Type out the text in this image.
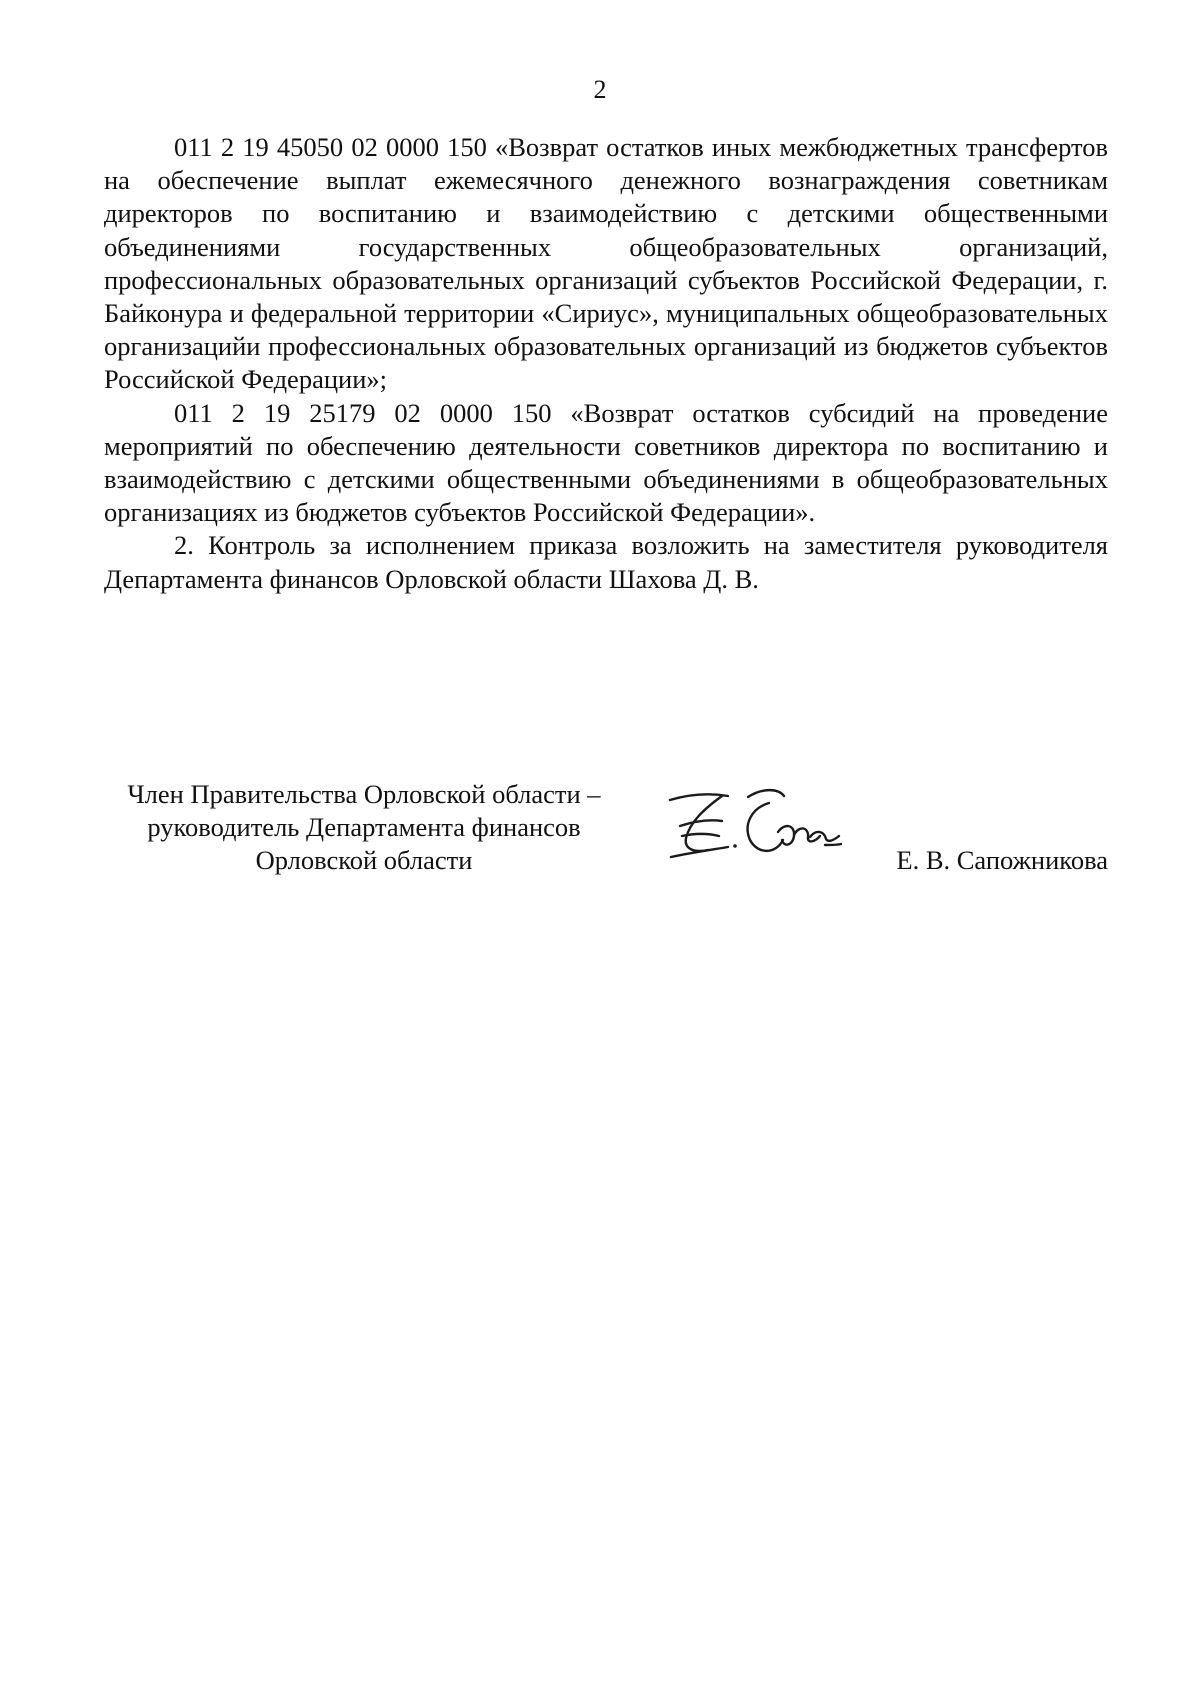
2

011 2 19 45050 02 0000 150 «Возврат остатков иных межбюджетных трансфертов на обеспечение выплат ежемесячного денежного вознаграждения советникам директоров по воспитанию и взаимодействию с детскими общественными объединениями государственных общеобразовательных организаций, профессиональных образовательных организаций субъектов Российской Федерации, г. Байконура и федеральной территории «Сириус», муниципальных общеобразовательных организацийи профессиональных образовательных организаций из бюджетов субъектов Российской Федерации»;

011 2 19 25179 02 0000 150 «Возврат остатков субсидий на проведение мероприятий по обеспечению деятельности советников директора по воспитанию и взаимодействию с детскими общественными объединениями в общеобразовательных организациях из бюджетов субъектов Российской Федерации».

2. Контроль за исполнением приказа возложить на заместителя руководителя Департамента финансов Орловской области Шахова Д. В.

Член Правительства Орловской области –
руководитель Департамента финансов
Орловской области	Е. В. Сапожникова
